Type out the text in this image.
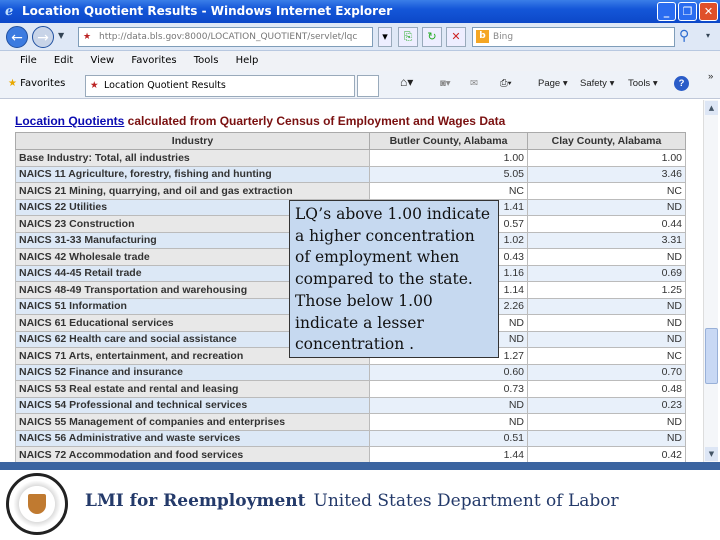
ℯ Location Quotient Results - Windows Internet Explorer	_	❐	✕
←	→	▼ ★ http://data.bls.gov:8000/LOCATION_QUOTIENT/servlet/lqc	▾	⎘	↻	✕	b Bing	⚲ ▾
File Edit View Favorites Tools Help
★ Favorites	★ Location Quotient Results	⌂▾	◙▾ ✉ ⎙▾	Page ▾ Safety ▾ Tools ▾	?
»
Location Quotients calculated from Quarterly Census of Employment and Wages Data
Industry	Butler County, Alabama	Clay County, Alabama
Base Industry: Total, all industries	1.00	1.00
NAICS 11 Agriculture, forestry, fishing and hunting	5.05	3.46
NAICS 21 Mining, quarrying, and oil and gas extraction	NC	NC
NAICS 22 Utilities	1.41	ND
NAICS 23 Construction	0.57	0.44
NAICS 31-33 Manufacturing	1.02	3.31
NAICS 42 Wholesale trade	0.43	ND
NAICS 44-45 Retail trade	1.16	0.69
NAICS 48-49 Transportation and warehousing	1.14	1.25
NAICS 51 Information	2.26	ND
NAICS 61 Educational services	ND	ND
NAICS 62 Health care and social assistance	ND	ND
NAICS 71 Arts, entertainment, and recreation	1.27	NC
NAICS 52 Finance and insurance	0.60	0.70
NAICS 53 Real estate and rental and leasing	0.73	0.48
NAICS 54 Professional and technical services	ND	0.23
NAICS 55 Management of companies and enterprises	ND	ND
NAICS 56 Administrative and waste services	0.51	ND
NAICS 72 Accommodation and food services	1.44	0.42
LQ’s above 1.00 indicate a higher concentration of employment when compared to the state. Those below 1.00 indicate a lesser concentration .
▲
▼
LMI for Reemployment United States Department of Labor
